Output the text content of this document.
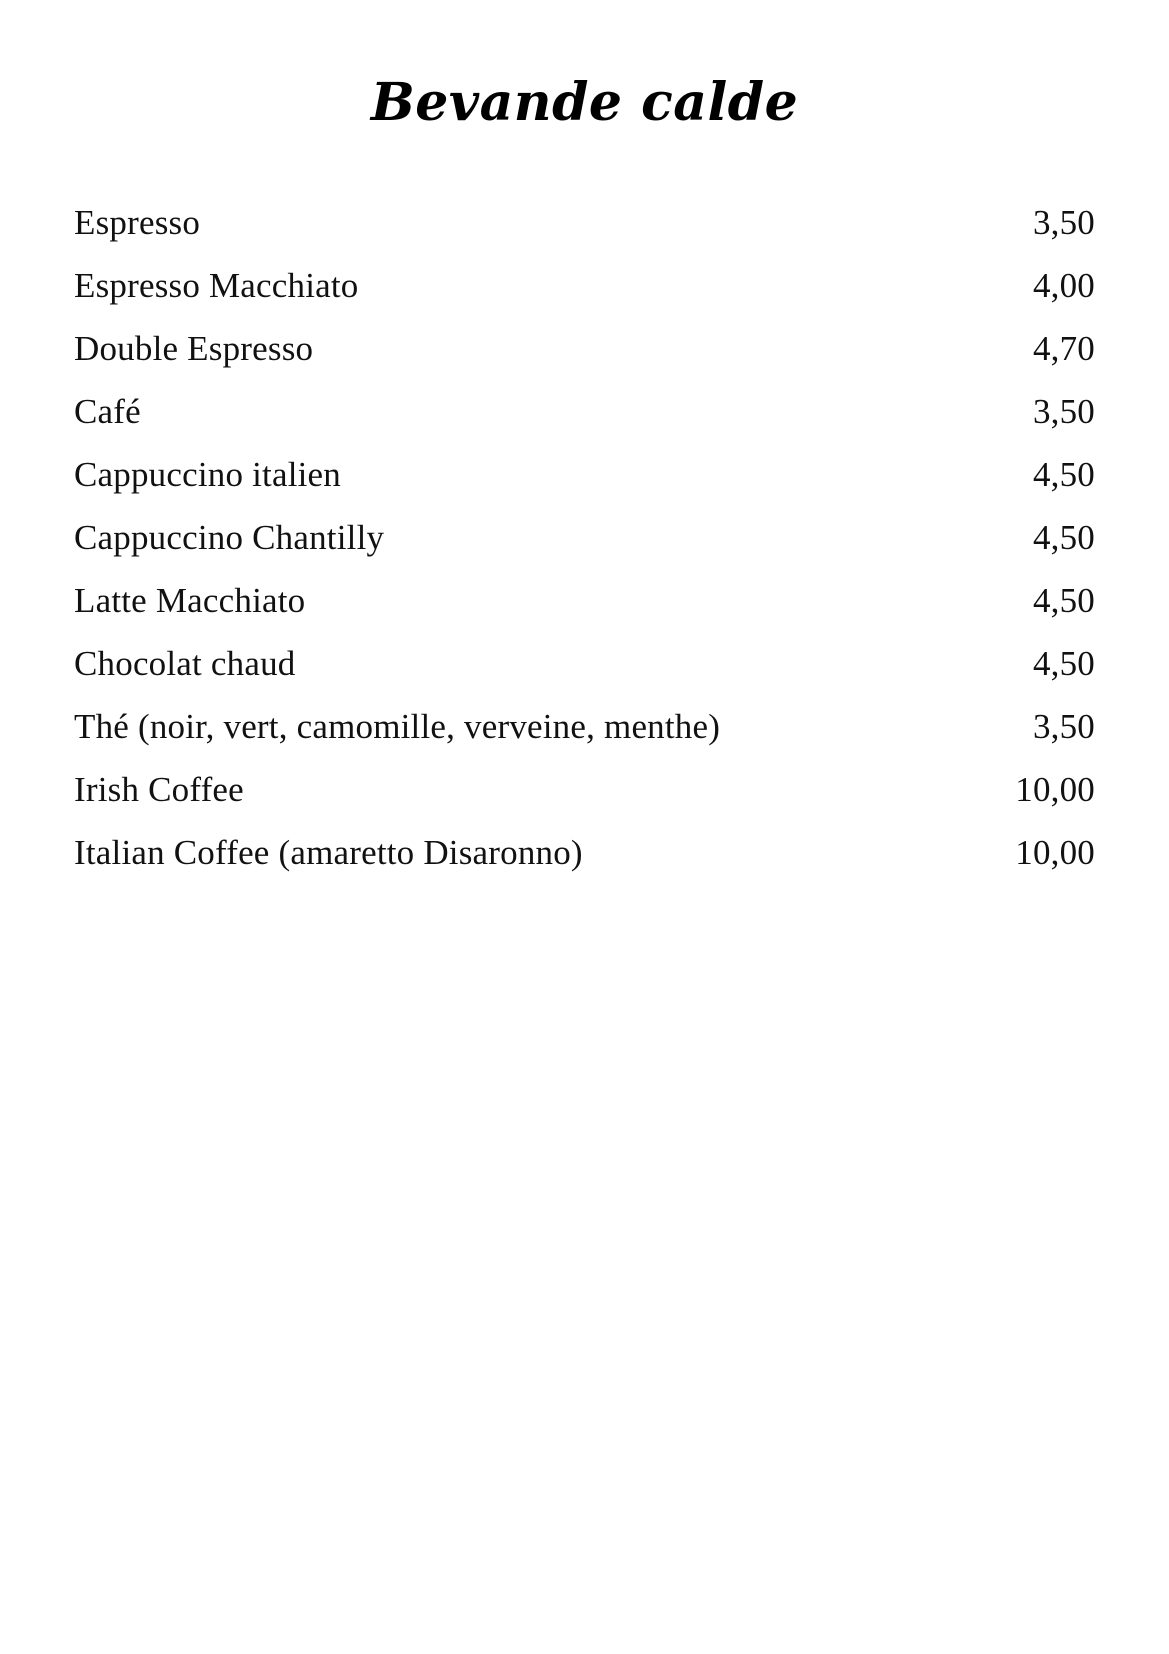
Bevande calde
Espresso	3,50
Espresso Macchiato	4,00
Double Espresso	4,70
Café	3,50
Cappuccino italien	4,50
Cappuccino Chantilly	4,50
Latte Macchiato	4,50
Chocolat chaud	4,50
Thé (noir, vert, camomille, verveine, menthe)	3,50
Irish Coffee	10,00
Italian Coffee (amaretto Disaronno)	10,00
